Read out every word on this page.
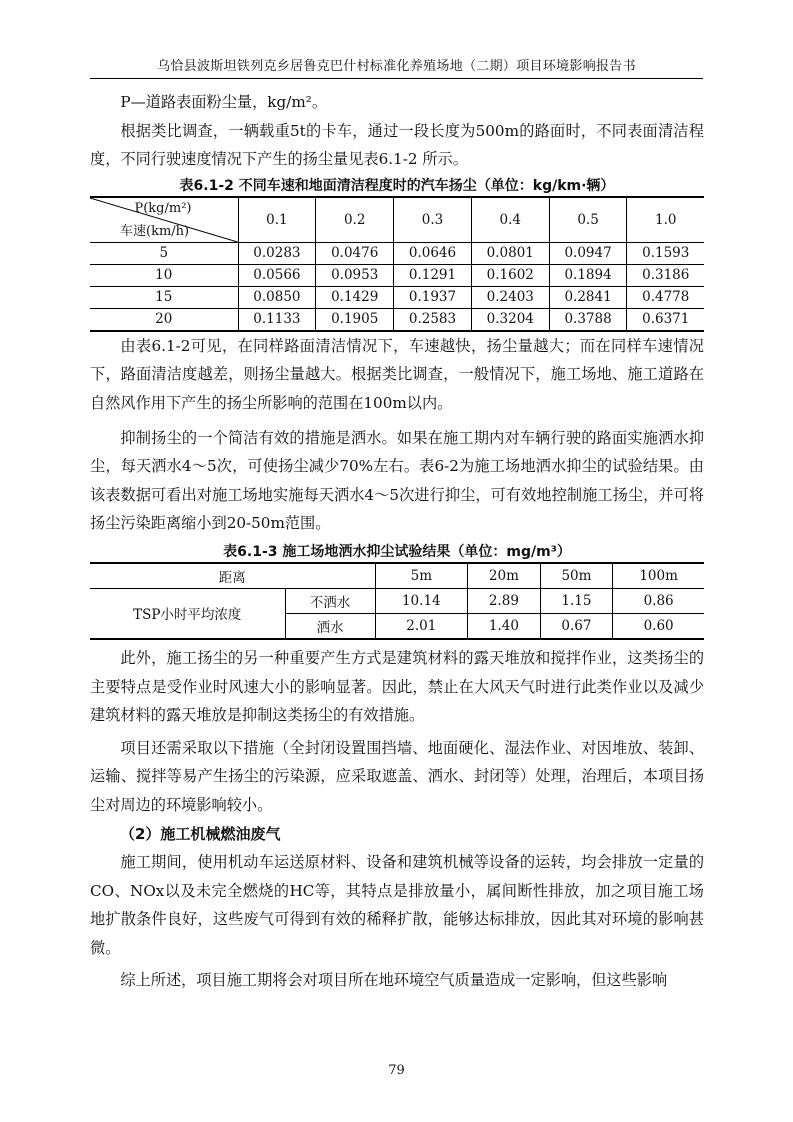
乌恰县波斯坦铁列克乡居鲁克巴什村标准化养殖场地（二期）项目环境影响报告书

P—道路表面粉尘量，kg/m²。

根据类比调查，一辆载重5t的卡车，通过一段长度为500m的路面时，不同表面清洁程度，不同行驶速度情况下产生的扬尘量见表6.1-2 所示。

表6.1-2 不同车速和地面清洁程度时的汽车扬尘（单位：kg/km·辆）

P(kg/m²)
车速(km/h)	0.1	0.2	0.3	0.4	0.5	1.0
5	0.0283	0.0476	0.0646	0.0801	0.0947	0.1593
10	0.0566	0.0953	0.1291	0.1602	0.1894	0.3186
15	0.0850	0.1429	0.1937	0.2403	0.2841	0.4778
20	0.1133	0.1905	0.2583	0.3204	0.3788	0.6371

由表6.1-2可见，在同样路面清洁情况下，车速越快，扬尘量越大；而在同样车速情况下，路面清洁度越差，则扬尘量越大。根据类比调查，一般情况下，施工场地、施工道路在自然风作用下产生的扬尘所影响的范围在100m以内。

抑制扬尘的一个简洁有效的措施是洒水。如果在施工期内对车辆行驶的路面实施洒水抑尘，每天洒水4～5次，可使扬尘减少70%左右。表6-2为施工场地洒水抑尘的试验结果。由该表数据可看出对施工场地实施每天洒水4～5次进行抑尘，可有效地控制施工扬尘，并可将扬尘污染距离缩小到20-50m范围。

表6.1-3 施工场地洒水抑尘试验结果（单位：mg/m³）

距离		5m	20m	50m	100m
TSP小时平均浓度	不洒水	10.14	2.89	1.15	0.86
	洒水	2.01	1.40	0.67	0.60

此外，施工扬尘的另一种重要产生方式是建筑材料的露天堆放和搅拌作业，这类扬尘的主要特点是受作业时风速大小的影响显著。因此，禁止在大风天气时进行此类作业以及减少建筑材料的露天堆放是抑制这类扬尘的有效措施。

项目还需采取以下措施（全封闭设置围挡墙、地面硬化、湿法作业、对因堆放、装卸、运输、搅拌等易产生扬尘的污染源，应采取遮盖、洒水、封闭等）处理，治理后，本项目扬尘对周边的环境影响较小。

（2）施工机械燃油废气

施工期间，使用机动车运送原材料、设备和建筑机械等设备的运转，均会排放一定量的CO、NOx以及未完全燃烧的HC等，其特点是排放量小，属间断性排放，加之项目施工场地扩散条件良好，这些废气可得到有效的稀释扩散，能够达标排放，因此其对环境的影响甚微。

综上所述，项目施工期将会对项目所在地环境空气质量造成一定影响，但这些影响

79
